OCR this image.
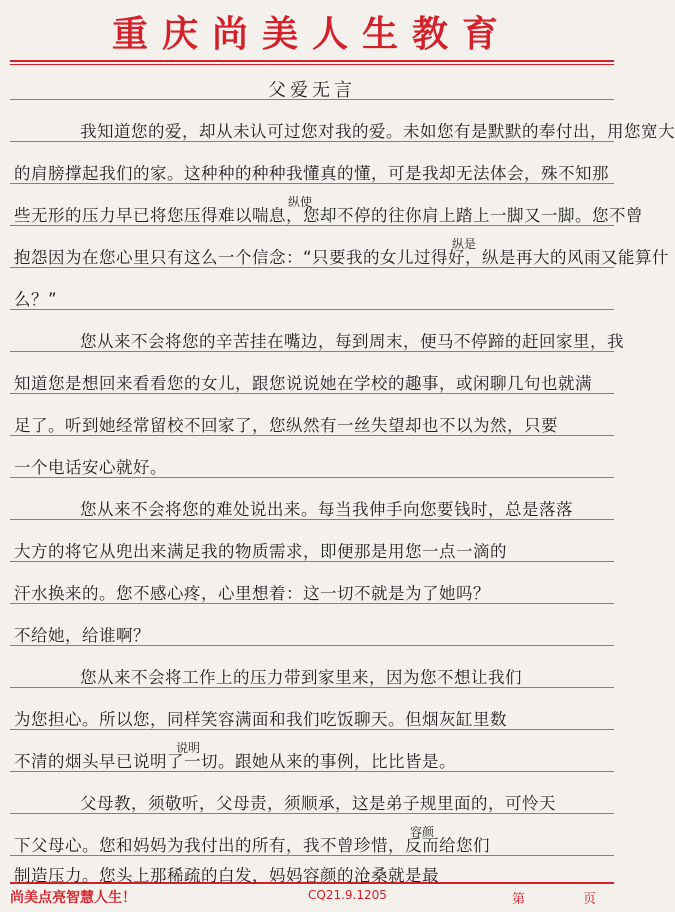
重庆尚美人生教育
父爱无言
纵使
纵是
说明
容颜
我知道您的爱，却从未认可过您对我的爱。未如您有是默默的奉付出，用您宽大
的肩膀撑起我们的家。这种种的种种我懂真的懂，可是我却无法体会，殊不知那
些无形的压力早已将您压得难以喘息，您却不停的往你肩上踏上一脚又一脚。您不曾
抱怨因为在您心里只有这么一个信念：“只要我的女儿过得好，纵是再大的风雨又能算什
么？”
您从来不会将您的辛苦挂在嘴边，每到周末，便马不停蹄的赶回家里，我
知道您是想回来看看您的女儿，跟您说说她在学校的趣事，或闲聊几句也就满
足了。听到她经常留校不回家了，您纵然有一丝失望却也不以为然，只要
一个电话安心就好。
您从来不会将您的难处说出来。每当我伸手向您要钱时，总是落落
大方的将它从兜出来满足我的物质需求，即便那是用您一点一滴的
汗水换来的。您不感心疼，心里想着：这一切不就是为了她吗？
不给她，给谁啊？
您从来不会将工作上的压力带到家里来，因为您不想让我们
为您担心。所以您，同样笑容满面和我们吃饭聊天。但烟灰缸里数
不清的烟头早已说明了一切。跟她从来的事例，比比皆是。
父母教，须敬听，父母责，须顺承，这是弟子规里面的，可怜天
下父母心。您和妈妈为我付出的所有，我不曾珍惜，反而给您们
制造压力。您头上那稀疏的白发，妈妈容颜的沧桑就是最
尚美点亮智慧人生！	CQ21.9.1205	第	页
